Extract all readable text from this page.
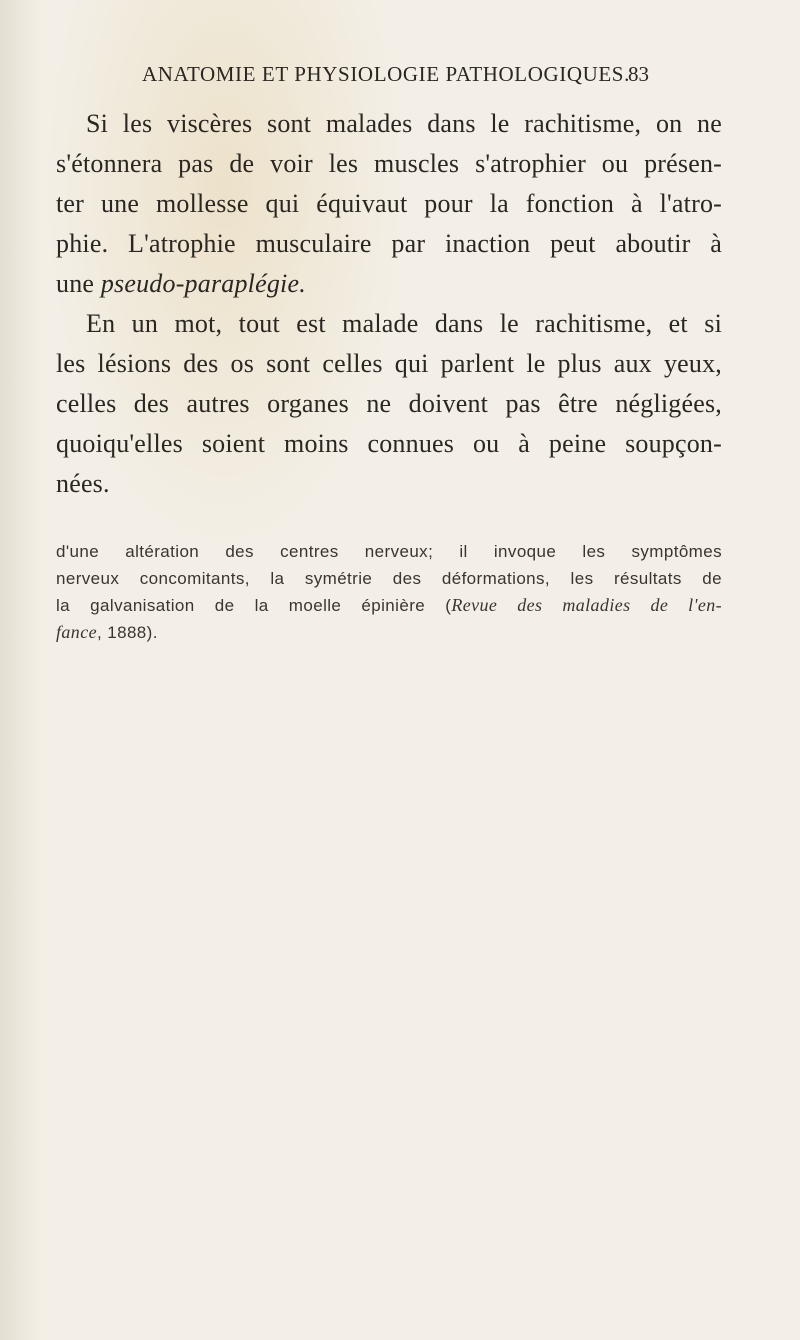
ANATOMIE ET PHYSIOLOGIE PATHOLOGIQUES.
83
Si les viscères sont malades dans le rachitisme, on ne
s'étonnera pas de voir les muscles s'atrophier ou présen-
ter une mollesse qui équivaut pour la fonction à l'atro-
phie. L'atrophie musculaire par inaction peut aboutir à
une pseudo-paraplégie.
En un mot, tout est malade dans le rachitisme, et si
les lésions des os sont celles qui parlent le plus aux yeux,
celles des autres organes ne doivent pas être négligées,
quoiqu'elles soient moins connues ou à peine soupçon-
nées.
d'une altération des centres nerveux; il invoque les symptômes
nerveux concomitants, la symétrie des déformations, les résultats de
la galvanisation de la moelle épinière (Revue des maladies de l'en-
fance, 1888).
